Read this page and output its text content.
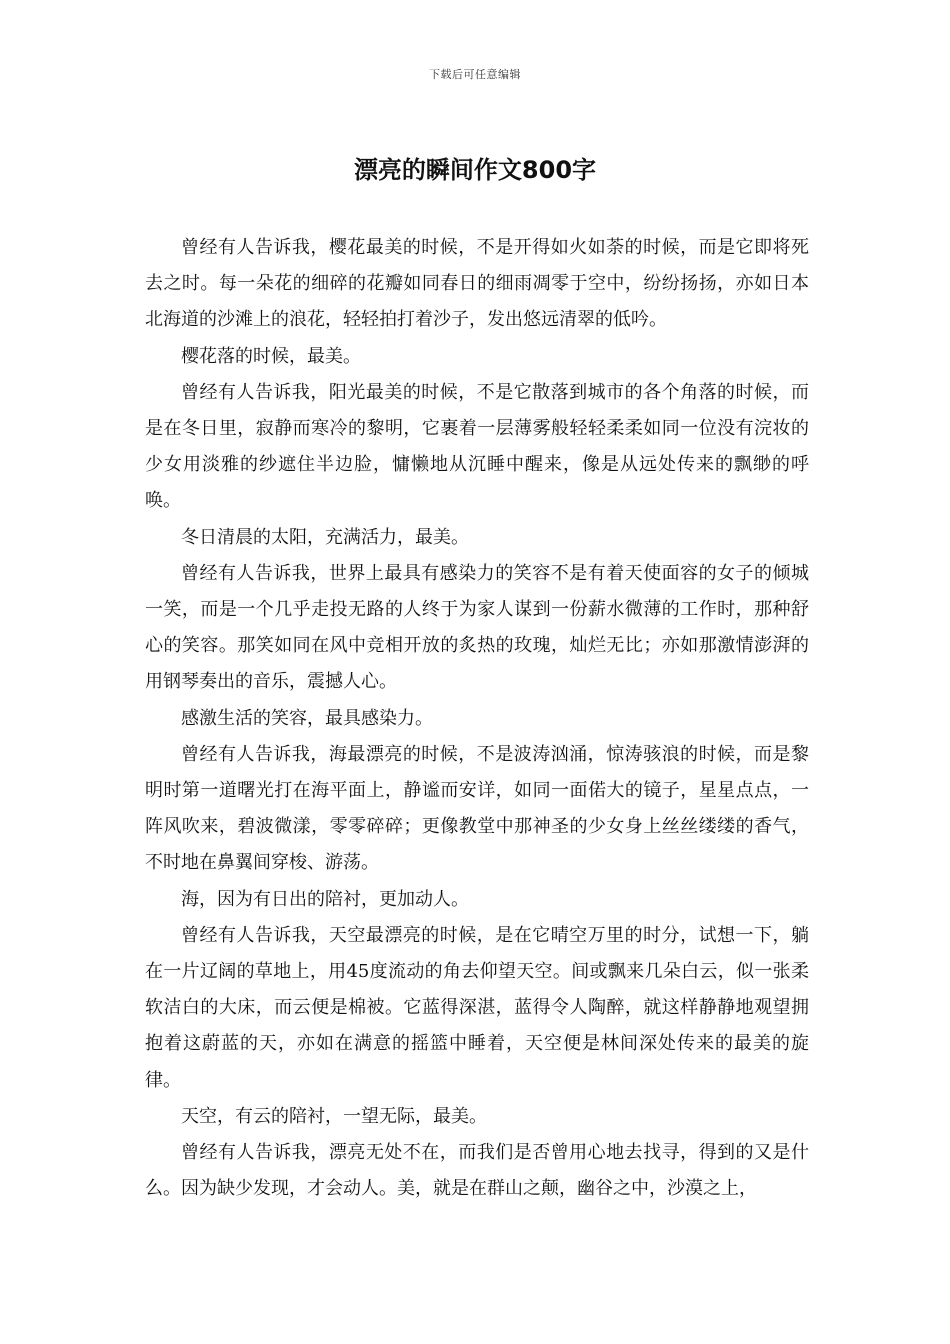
下载后可任意编辑
漂亮的瞬间作文800字

曾经有人告诉我，樱花最美的时候，不是开得如火如荼的时候，而是它即将死去之时。每一朵花的细碎的花瓣如同春日的细雨凋零于空中，纷纷扬扬，亦如日本北海道的沙滩上的浪花，轻轻拍打着沙子，发出悠远清翠的低吟。

樱花落的时候，最美。

曾经有人告诉我，阳光最美的时候，不是它散落到城市的各个角落的时候，而是在冬日里，寂静而寒冷的黎明，它裹着一层薄雾般轻轻柔柔如同一位没有浣妆的少女用淡雅的纱遮住半边脸，慵懒地从沉睡中醒来，像是从远处传来的飘缈的呼唤。

冬日清晨的太阳，充满活力，最美。

曾经有人告诉我，世界上最具有感染力的笑容不是有着天使面容的女子的倾城一笑，而是一个几乎走投无路的人终于为家人谋到一份薪水微薄的工作时，那种舒心的笑容。那笑如同在风中竞相开放的炙热的玫瑰，灿烂无比；亦如那激情澎湃的用钢琴奏出的音乐，震撼人心。

感激生活的笑容，最具感染力。

曾经有人告诉我，海最漂亮的时候，不是波涛汹涌，惊涛骇浪的时候，而是黎明时第一道曙光打在海平面上，静谧而安详，如同一面偌大的镜子，星星点点，一阵风吹来，碧波微漾，零零碎碎；更像教堂中那神圣的少女身上丝丝缕缕的香气，不时地在鼻翼间穿梭、游荡。

海，因为有日出的陪衬，更加动人。

曾经有人告诉我，天空最漂亮的时候，是在它晴空万里的时分，试想一下，躺在一片辽阔的草地上，用45度流动的角去仰望天空。间或飘来几朵白云，似一张柔软洁白的大床，而云便是棉被。它蓝得深湛，蓝得令人陶醉，就这样静静地观望拥抱着这蔚蓝的天，亦如在满意的摇篮中睡着，天空便是林间深处传来的最美的旋律。

天空，有云的陪衬，一望无际，最美。

曾经有人告诉我，漂亮无处不在，而我们是否曾用心地去找寻，得到的又是什么。因为缺少发现，才会动人。美，就是在群山之颠，幽谷之中，沙漠之上，
